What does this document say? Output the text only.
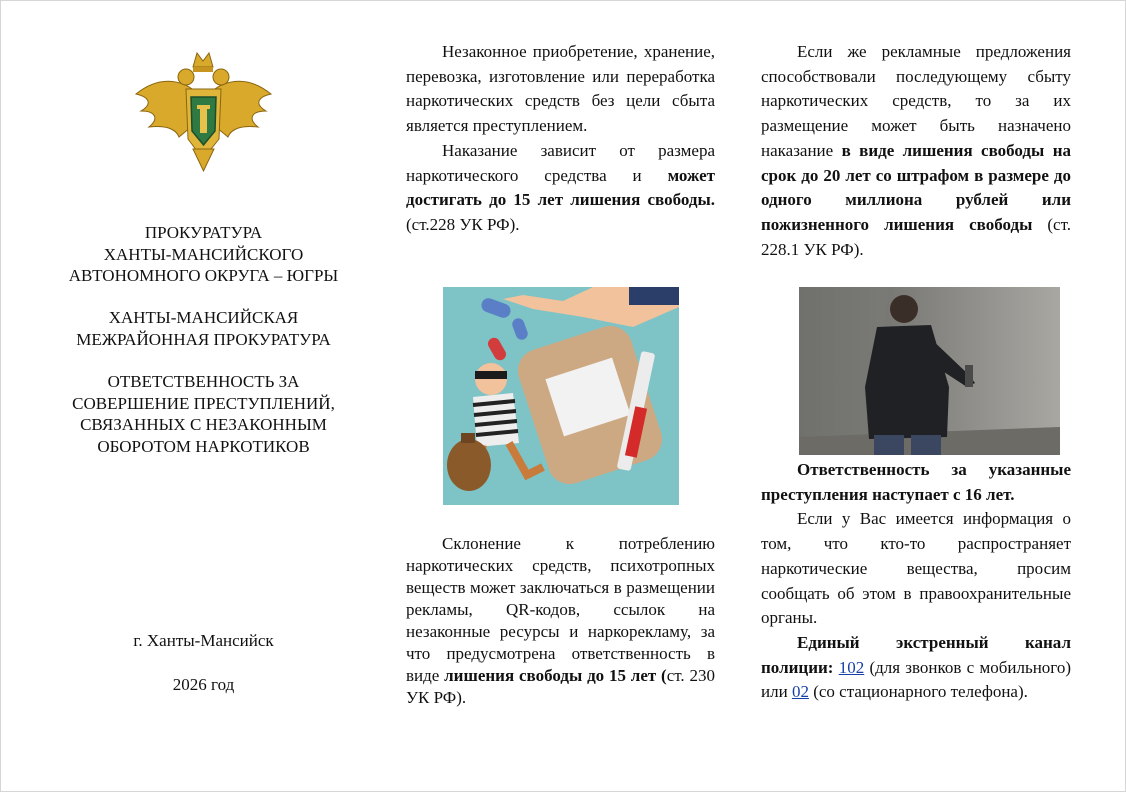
ПРОКУРАТУРА

ХАНТЫ-МАНСИЙСКОГО

АВТОНОМНОГО ОКРУГА – ЮГРЫ

ХАНТЫ-МАНСИЙСКАЯ

МЕЖРАЙОННАЯ ПРОКУРАТУРА

ОТВЕТСТВЕННОСТЬ ЗА

СОВЕРШЕНИЕ ПРЕСТУПЛЕНИЙ,

СВЯЗАННЫХ С НЕЗАКОННЫМ

ОБОРОТОМ НАРКОТИКОВ

г. Ханты-Мансийск
2026 год

Незаконное приобретение, хранение, перевозка, изготовление или переработка наркотических средств без цели сбыта является преступлением.

Наказание зависит от размера наркотического средства и может достигать до 15 лет лишения свободы. (ст.228 УК РФ).

Склонение к потреблению наркотических средств, психотропных веществ может заключаться в размещении рекламы, QR-кодов, ссылок на незаконные ресурсы и наркорекламу, за что предусмотрена ответственность в виде лишения свободы до 15 лет (ст. 230 УК РФ).

Если же рекламные предложения способствовали последующему сбыту наркотических средств, то за их размещение может быть назначено наказание в виде лишения свободы на срок до 20 лет со штрафом в размере до одного миллиона рублей или пожизненного лишения свободы (ст. 228.1 УК РФ).

Ответственность за указанные преступления наступает с 16 лет.

Если у Вас имеется информация о том, что кто-то распространяет наркотические вещества, просим сообщать об этом в правоохранительные органы.

Единый экстренный канал полиции: 102 (для звонков с мобильного) или 02 (со стационарного телефона).
